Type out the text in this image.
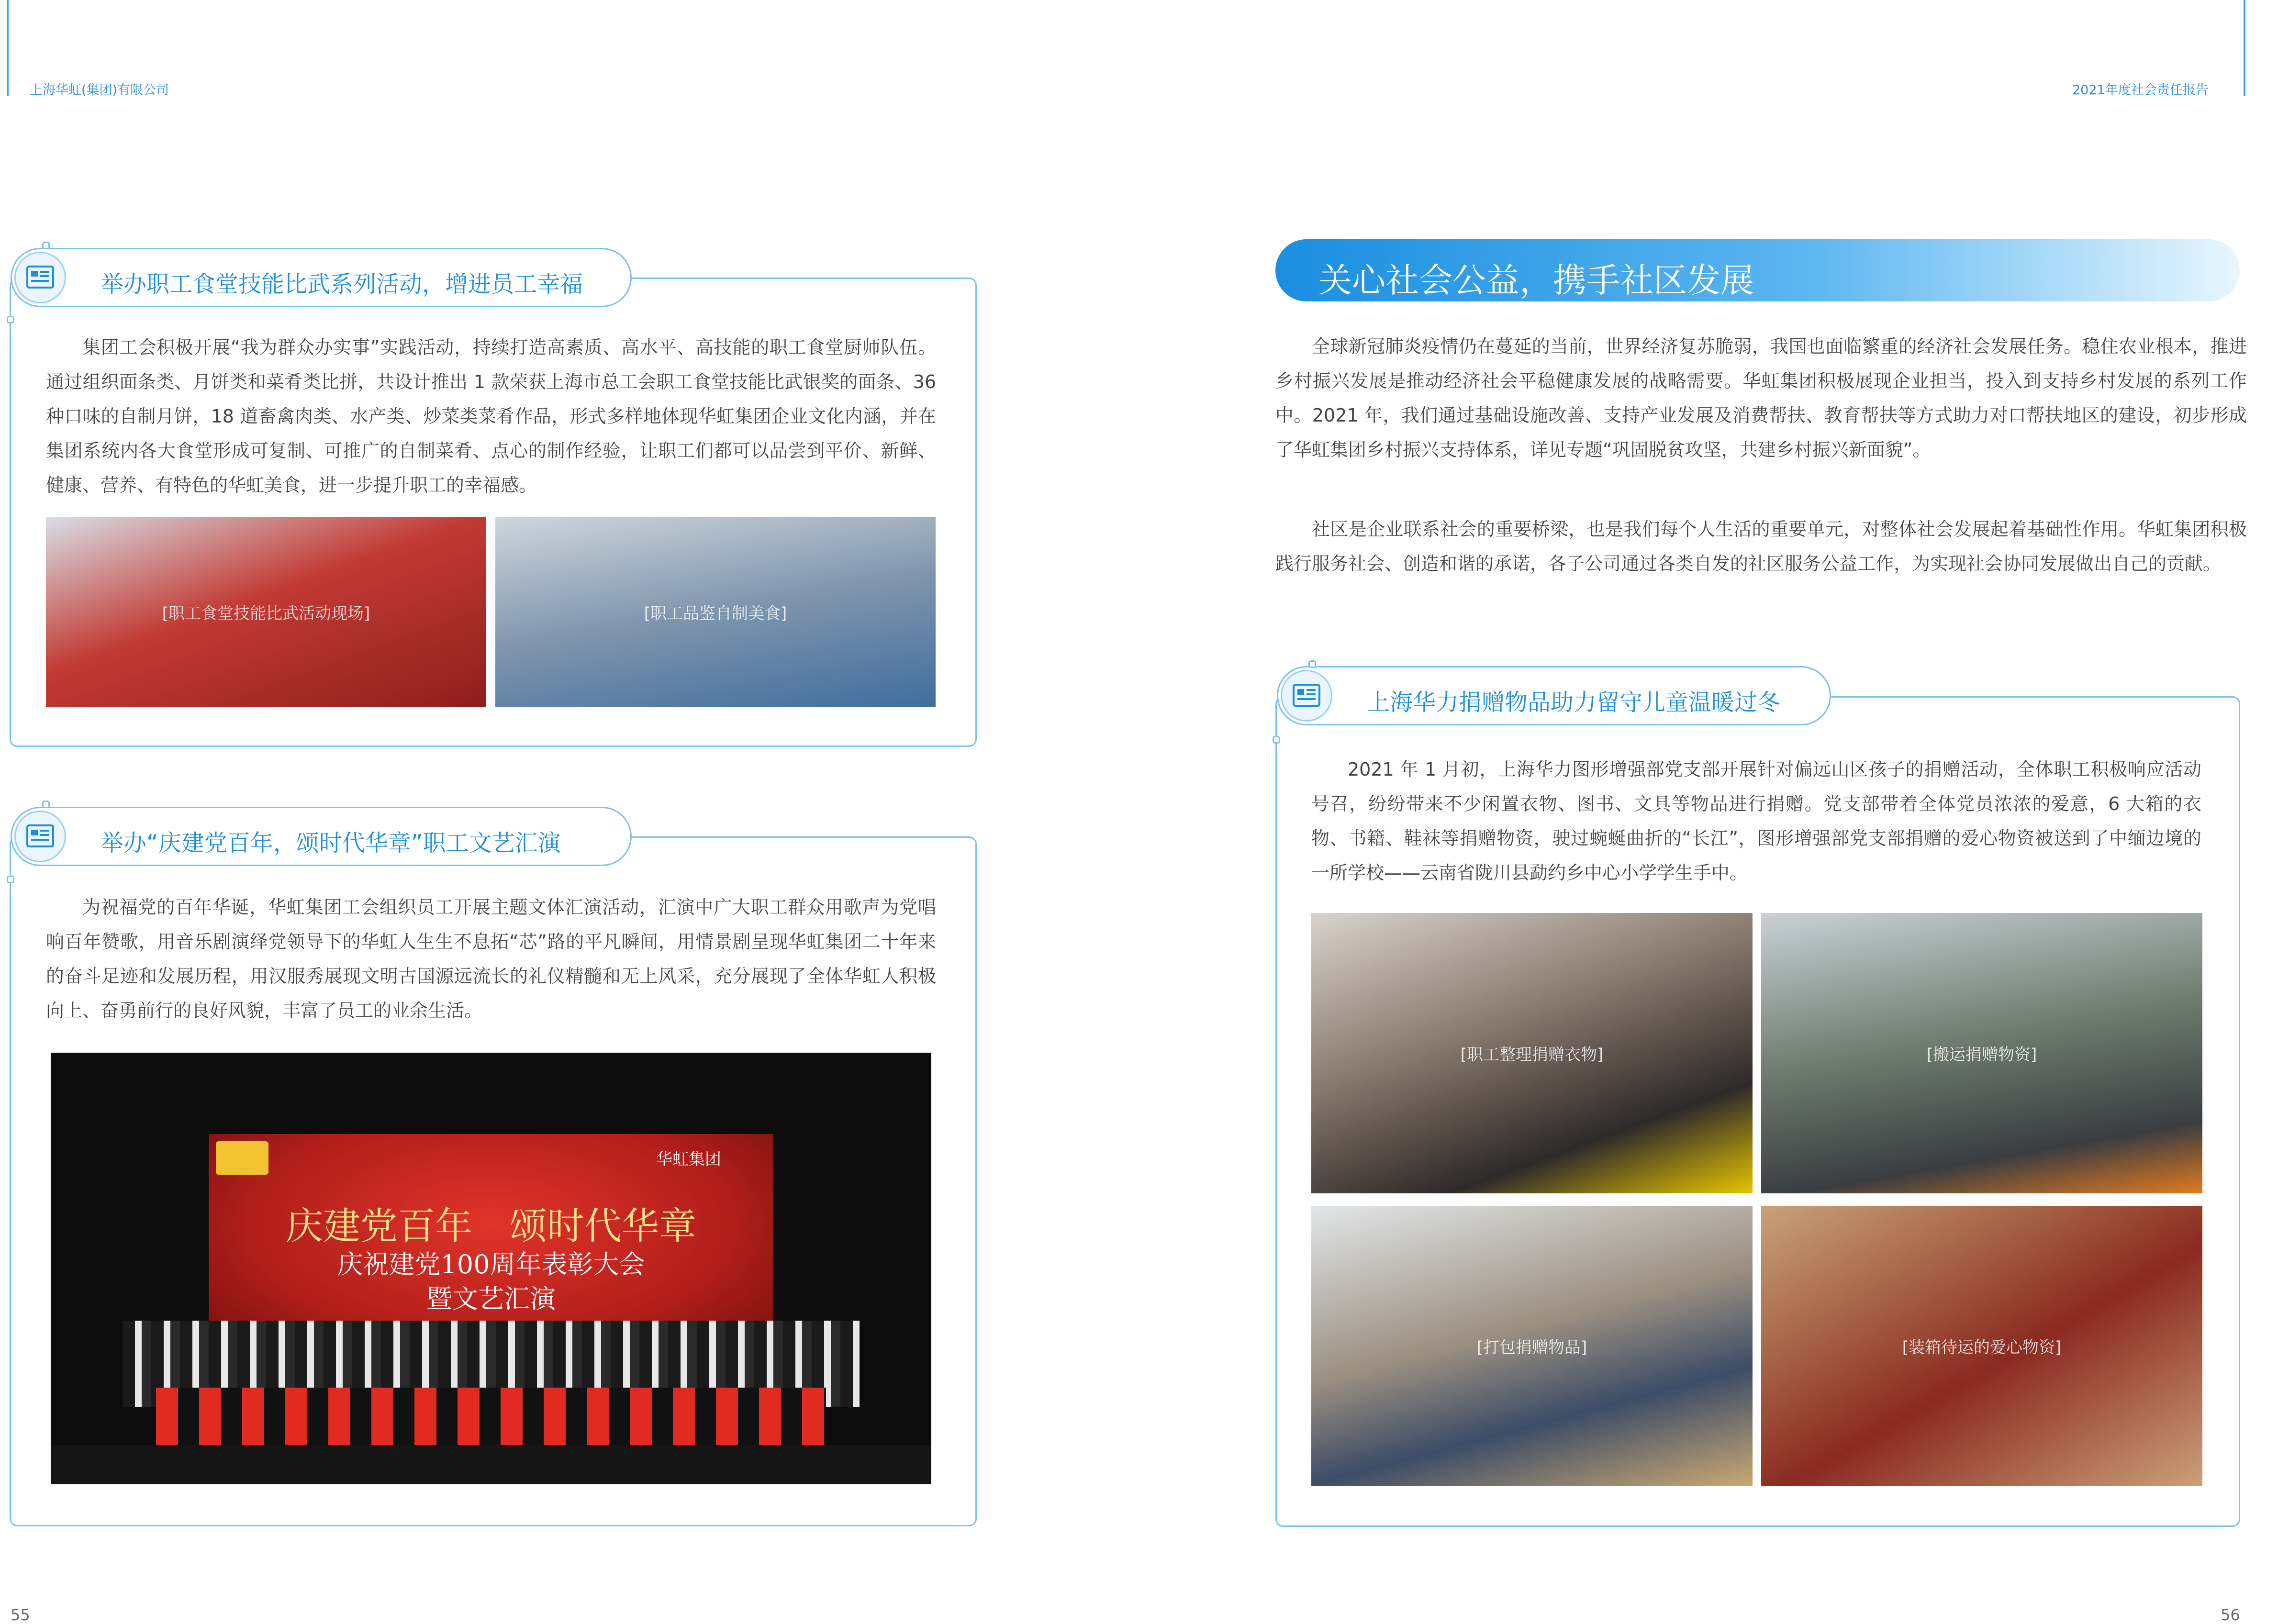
上海华虹(集团)有限公司	2021年度社会责任报告
举办职工食堂技能比武系列活动，增进员工幸福
集团工会积极开展“我为群众办实事”实践活动，持续打造高素质、高水平、高技能的职工食堂厨师队伍。通过组织面条类、月饼类和菜肴类比拼，共设计推出 1 款荣获上海市总工会职工食堂技能比武银奖的面条、36 种口味的自制月饼，18 道畜禽肉类、水产类、炒菜类菜肴作品，形式多样地体现华虹集团企业文化内涵，并在集团系统内各大食堂形成可复制、可推广的自制菜肴、点心的制作经验，让职工们都可以品尝到平价、新鲜、健康、营养、有特色的华虹美食，进一步提升职工的幸福感。
[职工食堂技能比武活动现场]	[职工品鉴自制美食]
举办“庆建党百年，颂时代华章”职工文艺汇演
为祝福党的百年华诞，华虹集团工会组织员工开展主题文体汇演活动，汇演中广大职工群众用歌声为党唱响百年赞歌，用音乐剧演绎党领导下的华虹人生生不息拓“芯”路的平凡瞬间，用情景剧呈现华虹集团二十年来的奋斗足迹和发展历程，用汉服秀展现文明古国源远流长的礼仪精髓和无上风采，充分展现了全体华虹人积极向上、奋勇前行的良好风貌，丰富了员工的业余生活。
华虹集团
庆建党百年　颂时代华章
庆祝建党100周年表彰大会
暨文艺汇演
55
关心社会公益，携手社区发展
全球新冠肺炎疫情仍在蔓延的当前，世界经济复苏脆弱，我国也面临繁重的经济社会发展任务。稳住农业根本，推进乡村振兴发展是推动经济社会平稳健康发展的战略需要。华虹集团积极展现企业担当，投入到支持乡村发展的系列工作中。2021 年，我们通过基础设施改善、支持产业发展及消费帮扶、教育帮扶等方式助力对口帮扶地区的建设，初步形成了华虹集团乡村振兴支持体系，详见专题“巩固脱贫攻坚，共建乡村振兴新面貌”。
社区是企业联系社会的重要桥梁，也是我们每个人生活的重要单元，对整体社会发展起着基础性作用。华虹集团积极践行服务社会、创造和谐的承诺，各子公司通过各类自发的社区服务公益工作，为实现社会协同发展做出自己的贡献。
上海华力捐赠物品助力留守儿童温暖过冬
2021 年 1 月初，上海华力图形增强部党支部开展针对偏远山区孩子的捐赠活动，全体职工积极响应活动号召，纷纷带来不少闲置衣物、图书、文具等物品进行捐赠。党支部带着全体党员浓浓的爱意，6 大箱的衣物、书籍、鞋袜等捐赠物资，驶过蜿蜒曲折的“长江”，图形增强部党支部捐赠的爱心物资被送到了中缅边境的一所学校——云南省陇川县勐约乡中心小学学生手中。
[职工整理捐赠衣物]	[搬运捐赠物资]
[打包捐赠物品]	[装箱待运的爱心物资]
56
